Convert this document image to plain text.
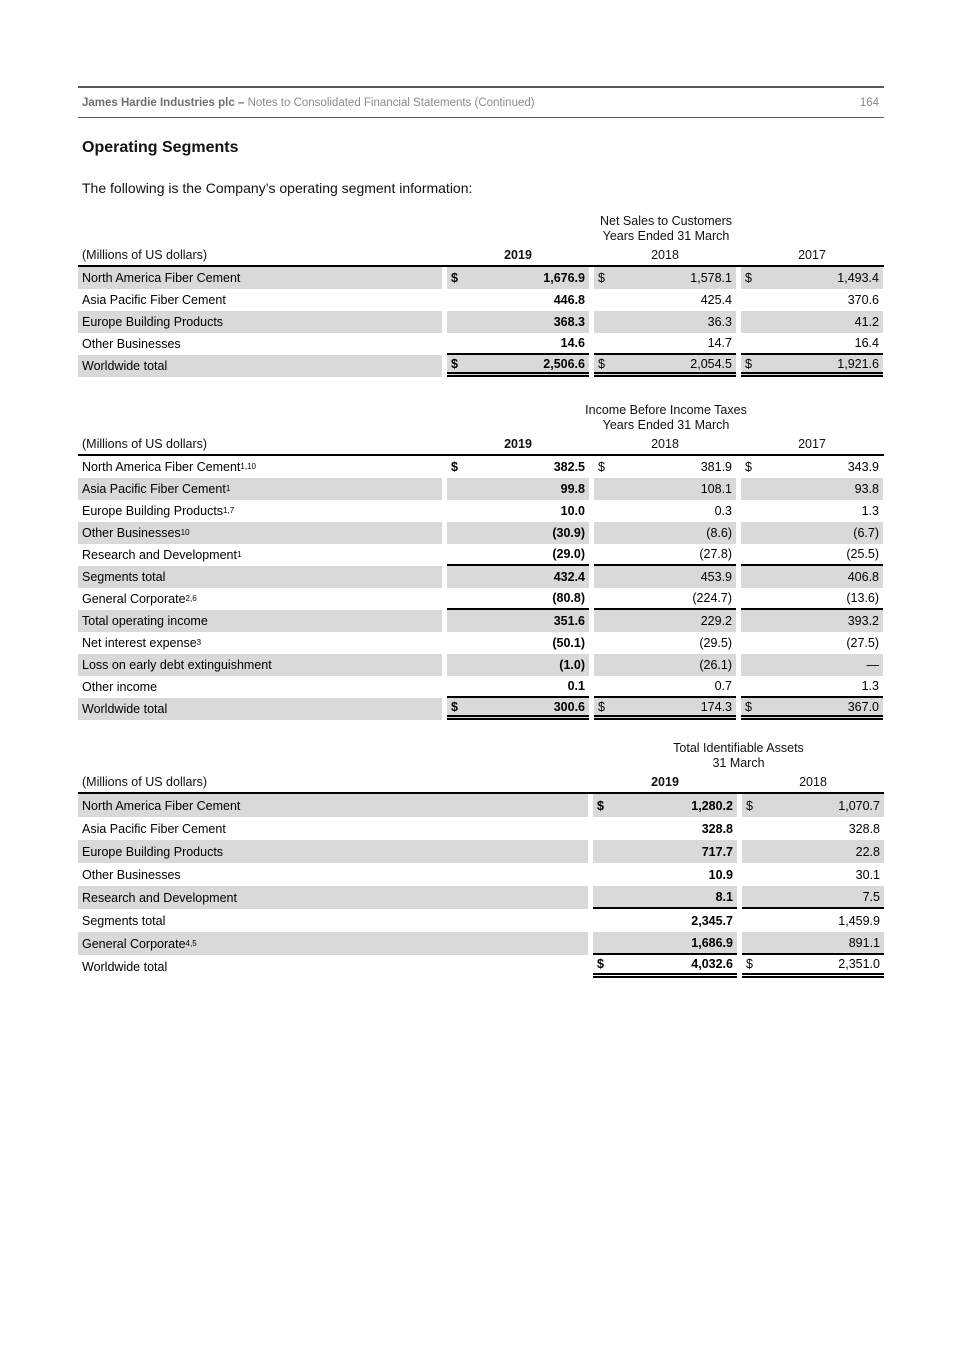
James Hardie Industries plc – Notes to Consolidated Financial Statements (Continued)	164
Operating Segments

The following is the Company’s operating segment information:

Net Sales to Customers
Years Ended 31 March
(Millions of US dollars)	2019	2018	2017
North America Fiber Cement	$	1,676.9 $	1,578.1 $	1,493.4
Asia Pacific Fiber Cement	446.8	425.4	370.6
Europe Building Products	368.3	36.3	41.2
Other Businesses	14.6	14.7	16.4
Worldwide total	$	2,506.6 $	2,054.5 $	1,921.6
Income Before Income Taxes
Years Ended 31 March
(Millions of US dollars)	2019	2018	2017
North America Fiber Cement 1,10	$	382.5 $	381.9 $	343.9
Asia Pacific Fiber Cement 1	99.8	108.1	93.8
Europe Building Products 1,7	10.0	0.3	1.3
Other Businesses 10	(30.9)	(8.6)	(6.7)
Research and Development 1	(29.0)	(27.8)	(25.5)
Segments total	432.4	453.9	406.8
General Corporate 2,6	(80.8)	(224.7)	(13.6)
Total operating income	351.6	229.2	393.2
Net interest expense 3	(50.1)	(29.5)	(27.5)
Loss on early debt extinguishment	(1.0)	(26.1)	—
Other income	0.1	0.7	1.3
Worldwide total	$	300.6 $	174.3 $	367.0
Total Identifiable Assets
31 March
(Millions of US dollars)	2019	2018
North America Fiber Cement	$	1,280.2 $	1,070.7
Asia Pacific Fiber Cement	328.8	328.8
Europe Building Products	717.7	22.8
Other Businesses	10.9	30.1
Research and Development	8.1	7.5
Segments total	2,345.7	1,459.9
General Corporate 4,5	1,686.9	891.1
Worldwide total	$	4,032.6 $	2,351.0
